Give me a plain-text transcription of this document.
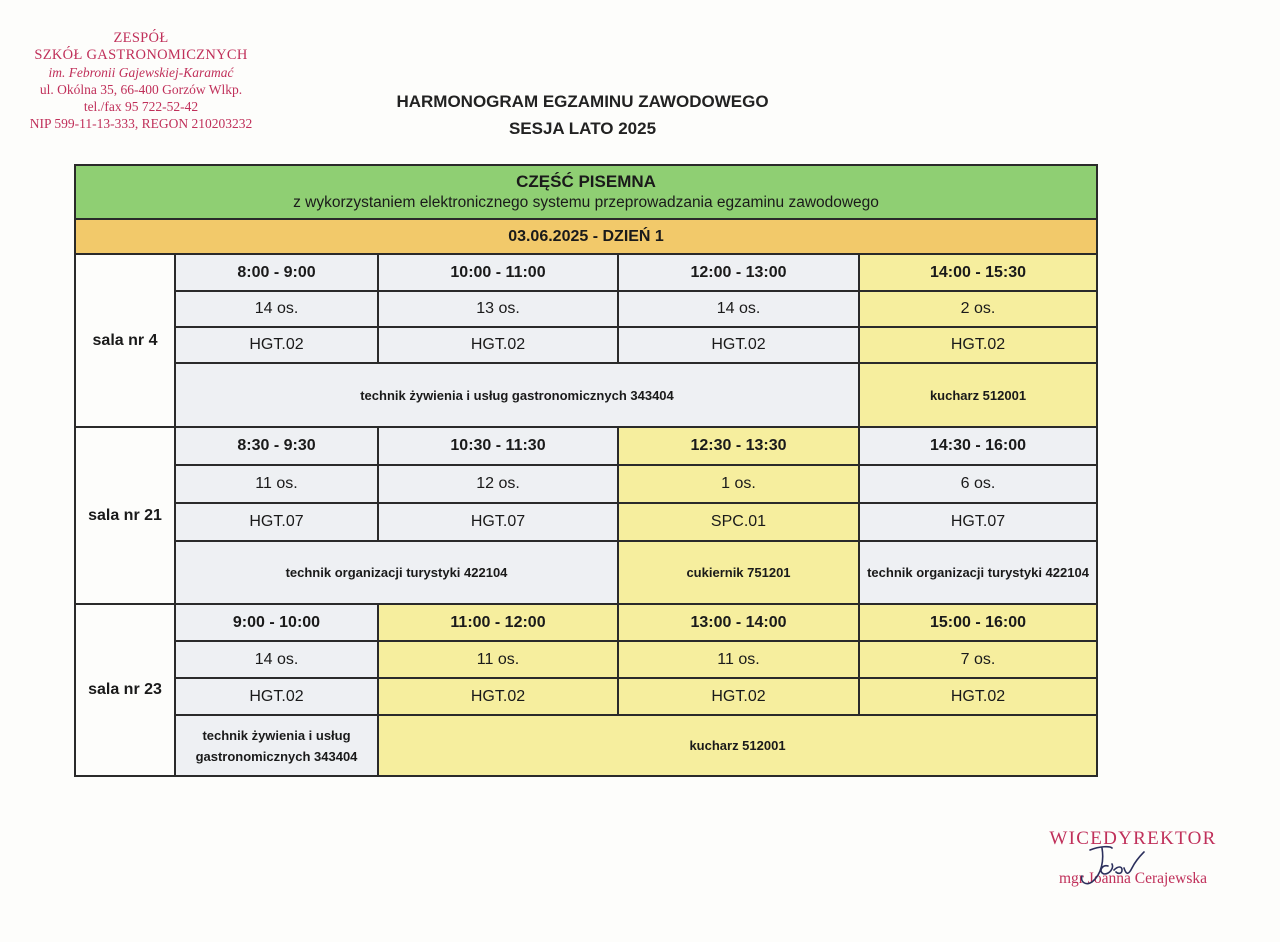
ZESPÓŁ
SZKÓŁ GASTRONOMICZNYCH
im. Febronii Gajewskiej-Karamać
ul. Okólna 35, 66-400 Gorzów Wlkp.
tel./fax 95 722-52-42
NIP 599-11-13-333, REGON 210203232
HARMONOGRAM EGZAMINU ZAWODOWEGO
SESJA LATO 2025
CZĘŚĆ PISEMNA
z wykorzystaniem elektronicznego systemu przeprowadzania egzaminu zawodowego				

03.06.2025 - DZIEŃ 1				
sala nr 4	8:00 - 9:00	10:00 - 11:00	12:00 - 13:00	14:00 - 15:30
	14 os.	13 os.	14 os.	2 os.
	HGT.02	HGT.02	HGT.02	HGT.02
	technik żywienia i usług gastronomicznych 343404			kucharz 512001
sala nr 21	8:30 - 9:30	10:30 - 11:30	12:30 - 13:30	14:30 - 16:00
	11 os.	12 os.	1 os.	6 os.
	HGT.07	HGT.07	SPC.01	HGT.07
	technik organizacji turystyki 422104		cukiernik 751201	technik organizacji turystyki 422104
sala nr 23	9:00 - 10:00	11:00 - 12:00	13:00 - 14:00	15:00 - 16:00
	14 os.	11 os.	11 os.	7 os.
	HGT.02	HGT.02	HGT.02	HGT.02
	technik żywienia i usług gastronomicznych 343404	kucharz 512001		
WICEDYREKTOR
mgr Joanna Cerajewska
